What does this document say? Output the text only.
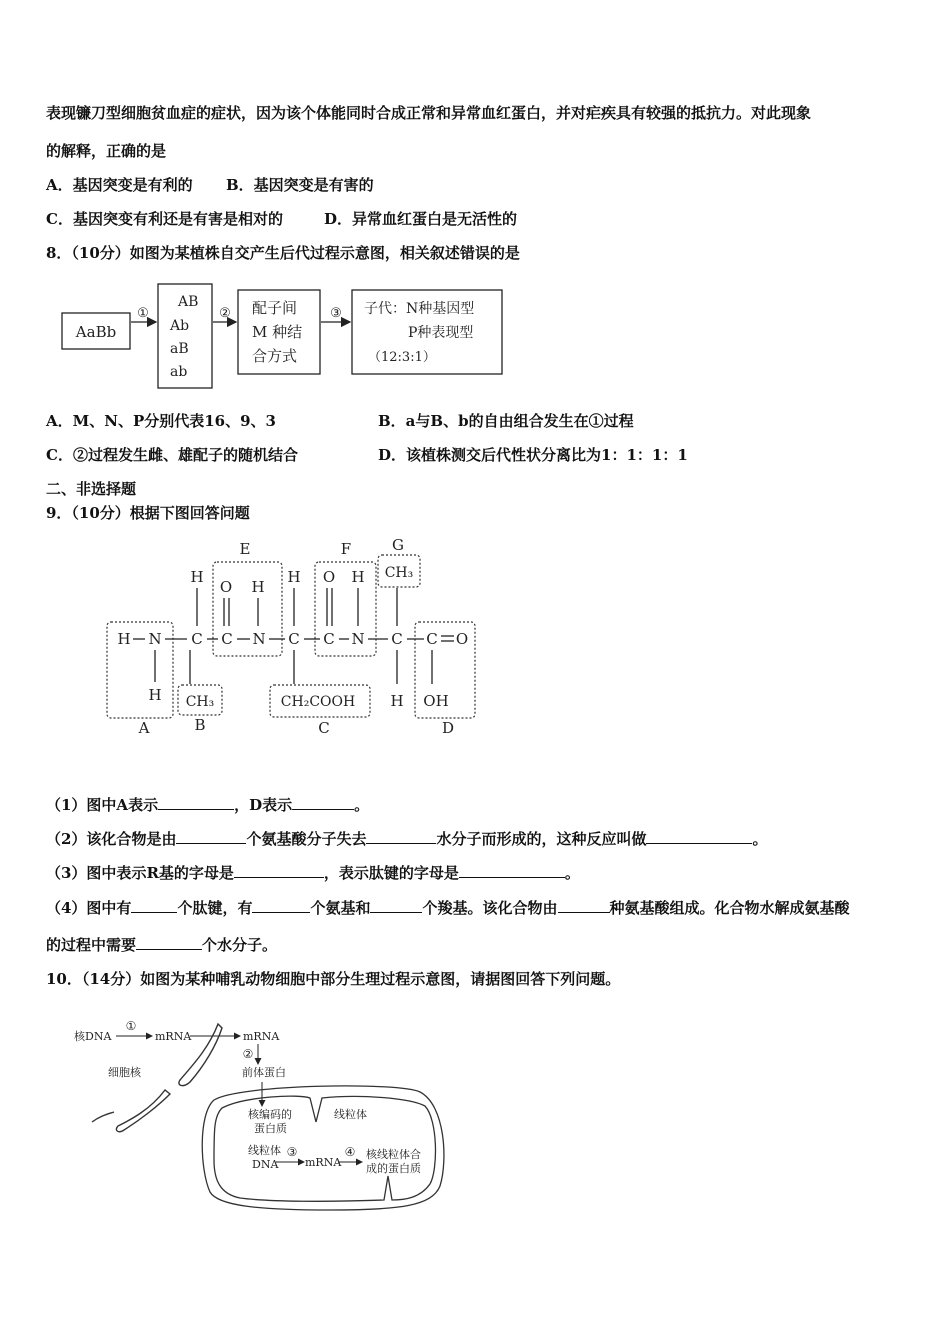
表现镰刀型细胞贫血症的症状，因为该个体能同时合成正常和异常血红蛋白，并对疟疾具有较强的抵抗力。对此现象
的解释，正确的是
A．基因突变是有利的 B．基因突变是有害的
C．基因突变有利还是有害是相对的	D．异常血红蛋白是无活性的
8．（10分）如图为某植株自交产生后代过程示意图，相关叙述错误的是
AaBb
①
AB
Ab
aB
ab
② 配子间
M 种结
合方式
③ 子代：N种基因型
P种表现型
（12:3:1）
A．M、N、P分别代表16、9、3	B．a与B、b的自由组合发生在①过程
C．②过程发生雌、雄配子的随机结合	D．该植株测交后代性状分离比为1：1：1：1
二、非选择题
9．（10分）根据下图回答问题
E	F	G
A	B	C	D
H
O H
H O H CH₃
H N C C N C C N C C O
H CH₃	CH₂COOH H OH
（1）图中A表示	，D表示	。
（2）该化合物是由	个氨基酸分子失去	水分子而形成的，这种反应叫做	。
（3）图中表示R基的字母是	，表示肽键的字母是	。
（4）图中有	个肽键，有	个氨基和	个羧基。该化合物由	种氨基酸组成。化合物水解成氨基酸
的过程中需要	个水分子。
10．（14分）如图为某种哺乳动物细胞中部分生理过程示意图，请据图回答下列问题。
核DNA
①
mRNA	mRNA
②
前体蛋白
细胞核
核编码的
蛋白质
线粒体
线粒体
DNA
③
mRNA
④ 核线粒体合
成的蛋白质
